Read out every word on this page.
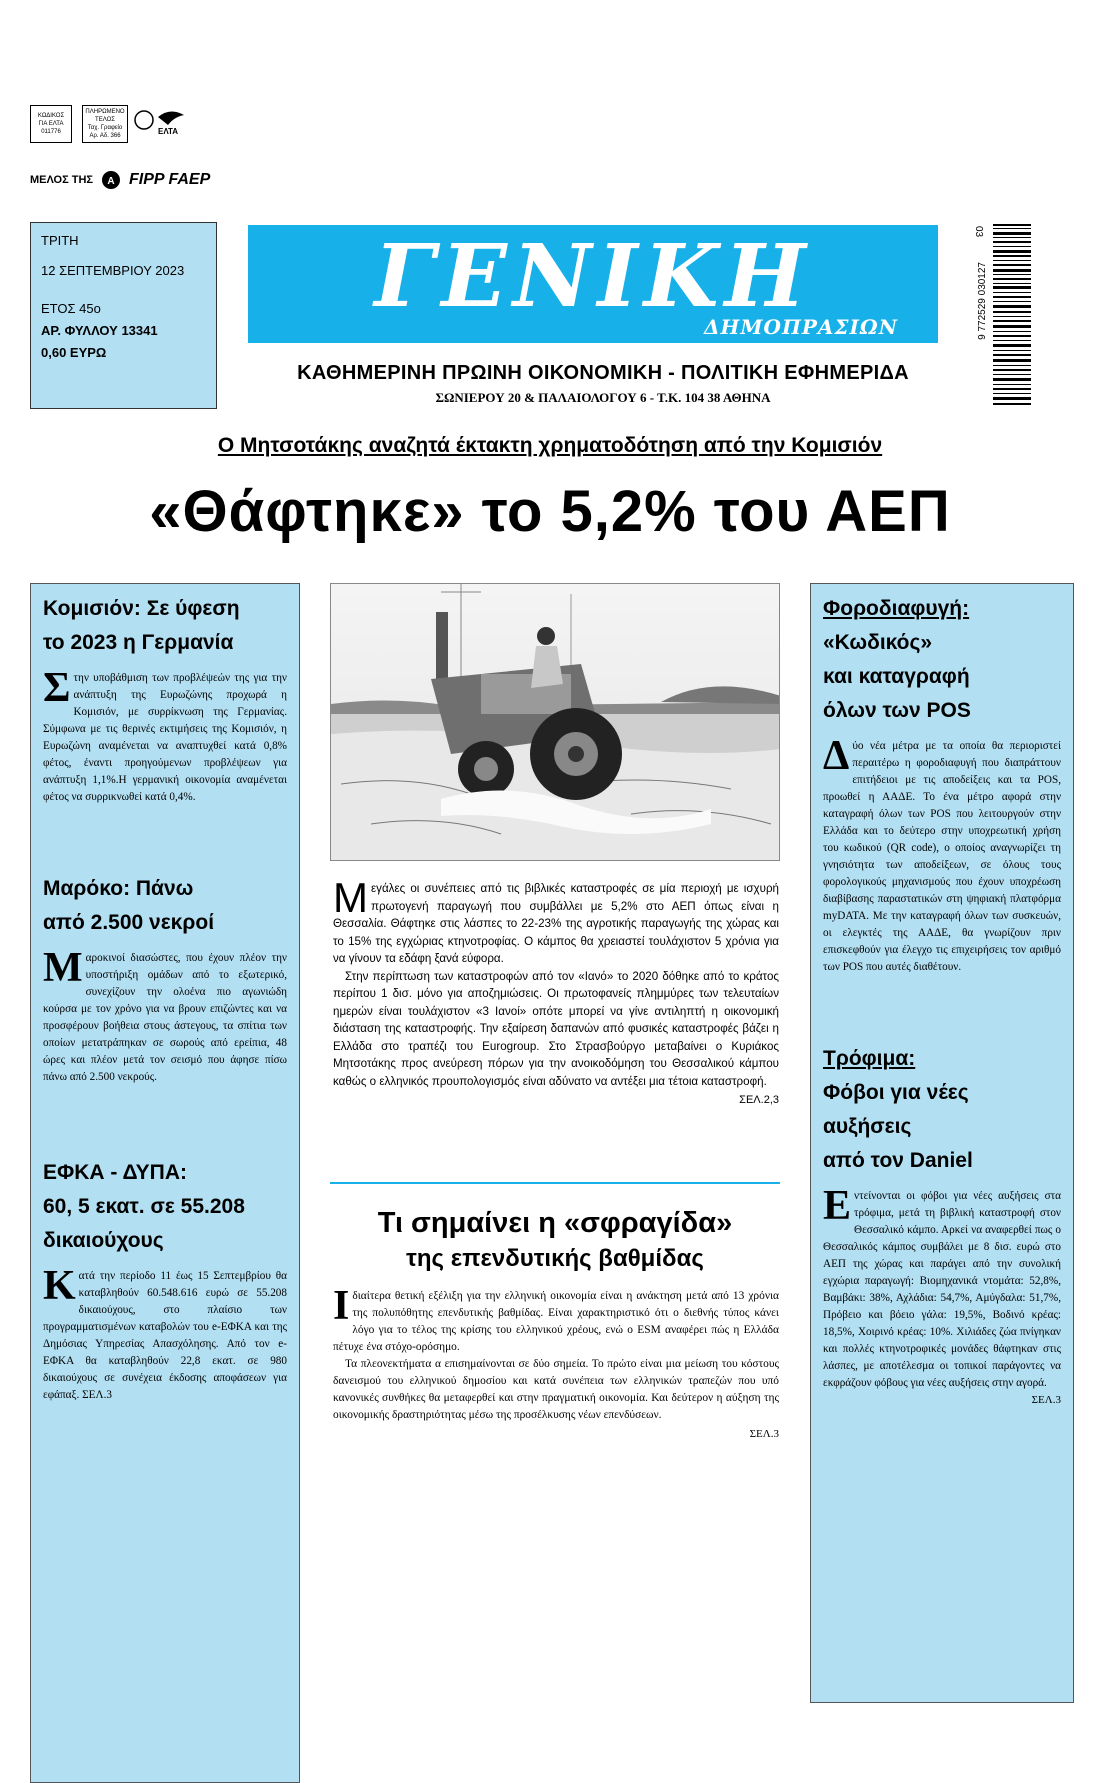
ΚΩΔΙΚΟΣ
ΓΙΑ ΕΛΤΑ
011776
ΠΛΗΡΩΜΕΝΟ
ΤΕΛΟΣ
Ταχ. Γραφείο
Αρ. Αδ. 366	ΕΛΤΑ
ΜΕΛΟΣ ΤΗΣ A FIPP FAEP
ΤΡΙΤΗ
12 ΣΕΠΤΕΜΒΡΙΟΥ 2023
ΕΤΟΣ 45ο
ΑΡ. ΦΥΛΛΟΥ 13341
0,60 ΕΥΡΩ
ΓΕΝΙΚΗ
ΔΗΜΟΠΡΑΣΙΩΝ
ΚΑΘΗΜΕΡΙΝΗ ΠΡΩΙΝΗ ΟΙΚΟΝΟΜΙΚΗ - ΠΟΛΙΤΙΚΗ ΕΦΗΜΕΡΙΔΑ
ΣΩΝΙΕΡΟΥ 20 & ΠΑΛΑΙΟΛΟΓΟΥ 6 - Τ.Κ. 104 38 ΑΘΗΝΑ
03
9 772529 030127
Ο Μητσοτάκης αναζητά έκτακτη χρηματοδότηση από την Κομισιόν
«Θάφτηκε» το 5,2% του ΑΕΠ
Κομισιόν: Σε ύφεση
το 2023 η Γερμανία

Στην υποβάθμιση των προβλέψεών της για την ανάπτυξη της Ευρωζώνης προχωρά η Κομισιόν, με συρρίκνωση της Γερμανίας. Σύμφωνα με τις θερινές εκτιμήσεις της Κομισιόν, η Ευρωζώνη αναμένεται να αναπτυχθεί κατά 0,8% φέτος, έναντι προηγούμενων προβλέψεων για ανάπτυξη 1,1%.Η γερμανική οικονομία αναμένεται φέτος να συρρικνωθεί κατά 0,4%.

Μαρόκο: Πάνω
από 2.500 νεκροί

Μαροκινοί διασώστες, που έχουν πλέον την υποστήριξη ομάδων από το εξωτερικό, συνεχίζουν την ολοένα πιο αγωνιώδη κούρσα με τον χρόνο για να βρουν επιζώντες και να προσφέρουν βοήθεια στους άστεγους, τα σπίτια των οποίων μετατράπηκαν σε σωρούς από ερείπια, 48 ώρες και πλέον μετά τον σεισμό που άφησε πίσω πάνω από 2.500 νεκρούς.

ΕΦΚΑ - ΔΥΠΑ:
60, 5 εκατ. σε 55.208
δικαιούχους

Κατά την περίοδο 11 έως 15 Σεπτεμβρίου θα καταβληθούν 60.548.616 ευρώ σε 55.208 δικαιούχους, στο πλαίσιο των προγραμματισμένων καταβολών του e-ΕΦΚΑ και της Δημόσιας Υπηρεσίας Απασχόλησης. Από τον e-ΕΦΚΑ θα καταβληθούν 22,8 εκατ. σε 980 δικαιούχους σε συνέχεια έκδοσης αποφάσεων για εφάπαξ. ΣΕΛ.3

Μεγάλες οι συνέπειες από τις βιβλικές καταστροφές σε μία περιοχή με ισχυρή πρωτογενή παραγωγή που συμβάλλει με 5,2% στο ΑΕΠ όπως είναι η Θεσσαλία. Θάφτηκε στις λάσπες το 22-23% της αγροτικής παραγωγής της χώρας και το 15% της εγχώριας κτηνοτροφίας. Ο κάμπος θα χρειαστεί τουλάχιστον 5 χρόνια για να γίνουν τα εδάφη ξανά εύφορα.

Στην περίπτωση των καταστροφών από τον «Ιανό» το 2020 δόθηκε από το κράτος περίπου 1 δισ. μόνο για αποζημιώσεις. Οι πρωτοφανείς πλημμύρες των τελευταίων ημερών είναι τουλάχιστον «3 Ιανοί» οπότε μπορεί να γίνε αντιληπτή η οικονομική διάσταση της καταστροφής. Την εξαίρεση δαπανών από φυσικές καταστροφές βάζει η Ελλάδα στο τραπέζι του Eurogroup. Στο Στρασβούργο μεταβαίνει ο Κυριάκος Μητσοτάκης προς ανεύρεση πόρων για την ανοικοδόμηση του Θεσσαλικού κάμπου καθώς ο ελληνικός προυπολογισμός είναι αδύνατο να αντέξει μια τέτοια καταστροφή.

ΣΕΛ.2,3
Τι σημαίνει η «σφραγίδα»
της επενδυτικής βαθμίδας

Ιδιαίτερα θετική εξέλιξη για την ελληνική οικονομία είναι η ανάκτηση μετά από 13 χρόνια της πολυπόθητης επενδυτικής βαθμίδας. Είναι χαρακτηριστικό ότι ο διεθνής τύπος κάνει λόγο για το τέλος της κρίσης του ελληνικού χρέους, ενώ ο ESM αναφέρει πώς η Ελλάδα πέτυχε ένα στόχο-ορόσημο.

Τα πλεονεκτήματα α επισημαίνονται σε δύο σημεία. Το πρώτο είναι μια μείωση του κόστους δανεισμού του ελληνικού δημοσίου και κατά συνέπεια των ελληνικών τραπεζών που υπό κανονικές συνθήκες θα μεταφερθεί και στην πραγματική οικονομία. Και δεύτερον η αύξηση της οικονομικής δραστηριότητας μέσω της προσέλκυσης νέων επενδύσεων.

ΣΕΛ.3
Φοροδιαφυγή:
«Κωδικός»
και καταγραφή
όλων των POS

Δύο νέα μέτρα με τα οποία θα περιοριστεί περαιτέρω η φοροδιαφυγή που διαπράττουν επιτήδειοι με τις αποδείξεις και τα POS, προωθεί η ΑΑΔΕ. Το ένα μέτρο αφορά στην καταγραφή όλων των POS που λειτουργούν στην Ελλάδα και το δεύτερο στην υποχρεωτική χρήση του κωδικού (QR code), ο οποίος αναγνωρίζει τη γνησιότητα των αποδείξεων, σε όλους τους φορολογικούς μηχανισμούς που έχουν υποχρέωση διαβίβασης παραστατικών στη ψηφιακή πλατφόρμα myDATA. Με την καταγραφή όλων των συσκευών, οι ελεγκτές της ΑΑΔΕ, θα γνωρίζουν πριν επισκεφθούν για έλεγχο τις επιχειρήσεις τον αριθμό των POS που αυτές διαθέτουν.

Τρόφιμα:
Φόβοι για νέες αυξήσεις
από τον Daniel

Εντείνονται οι φόβοι για νέες αυξήσεις στα τρόφιμα, μετά τη βιβλική καταστροφή στον Θεσσαλικό κάμπο. Αρκεί να αναφερθεί πως ο Θεσσαλικός κάμπος συμβάλει με 8 δισ. ευρώ στο ΑΕΠ της χώρας και παράγει από την συνολική εγχώρια παραγωγή: Βιομηχανικά ντομάτα: 52,8%, Βαμβάκι: 38%, Αχλάδια: 54,7%, Αμύγδαλα: 51,7%, Πρόβειο και βόειο γάλα: 19,5%, Βοδινό κρέας: 18,5%, Χοιρινό κρέας: 10%. Χιλιάδες ζώα πνίγηκαν και πολλές κτηνοτροφικές μονάδες θάφτηκαν στις λάσπες, με αποτέλεσμα οι τοπικοί παράγοντες να εκφράζουν φόβους για νέες αυξήσεις στην αγορά.

ΣΕΛ.3
